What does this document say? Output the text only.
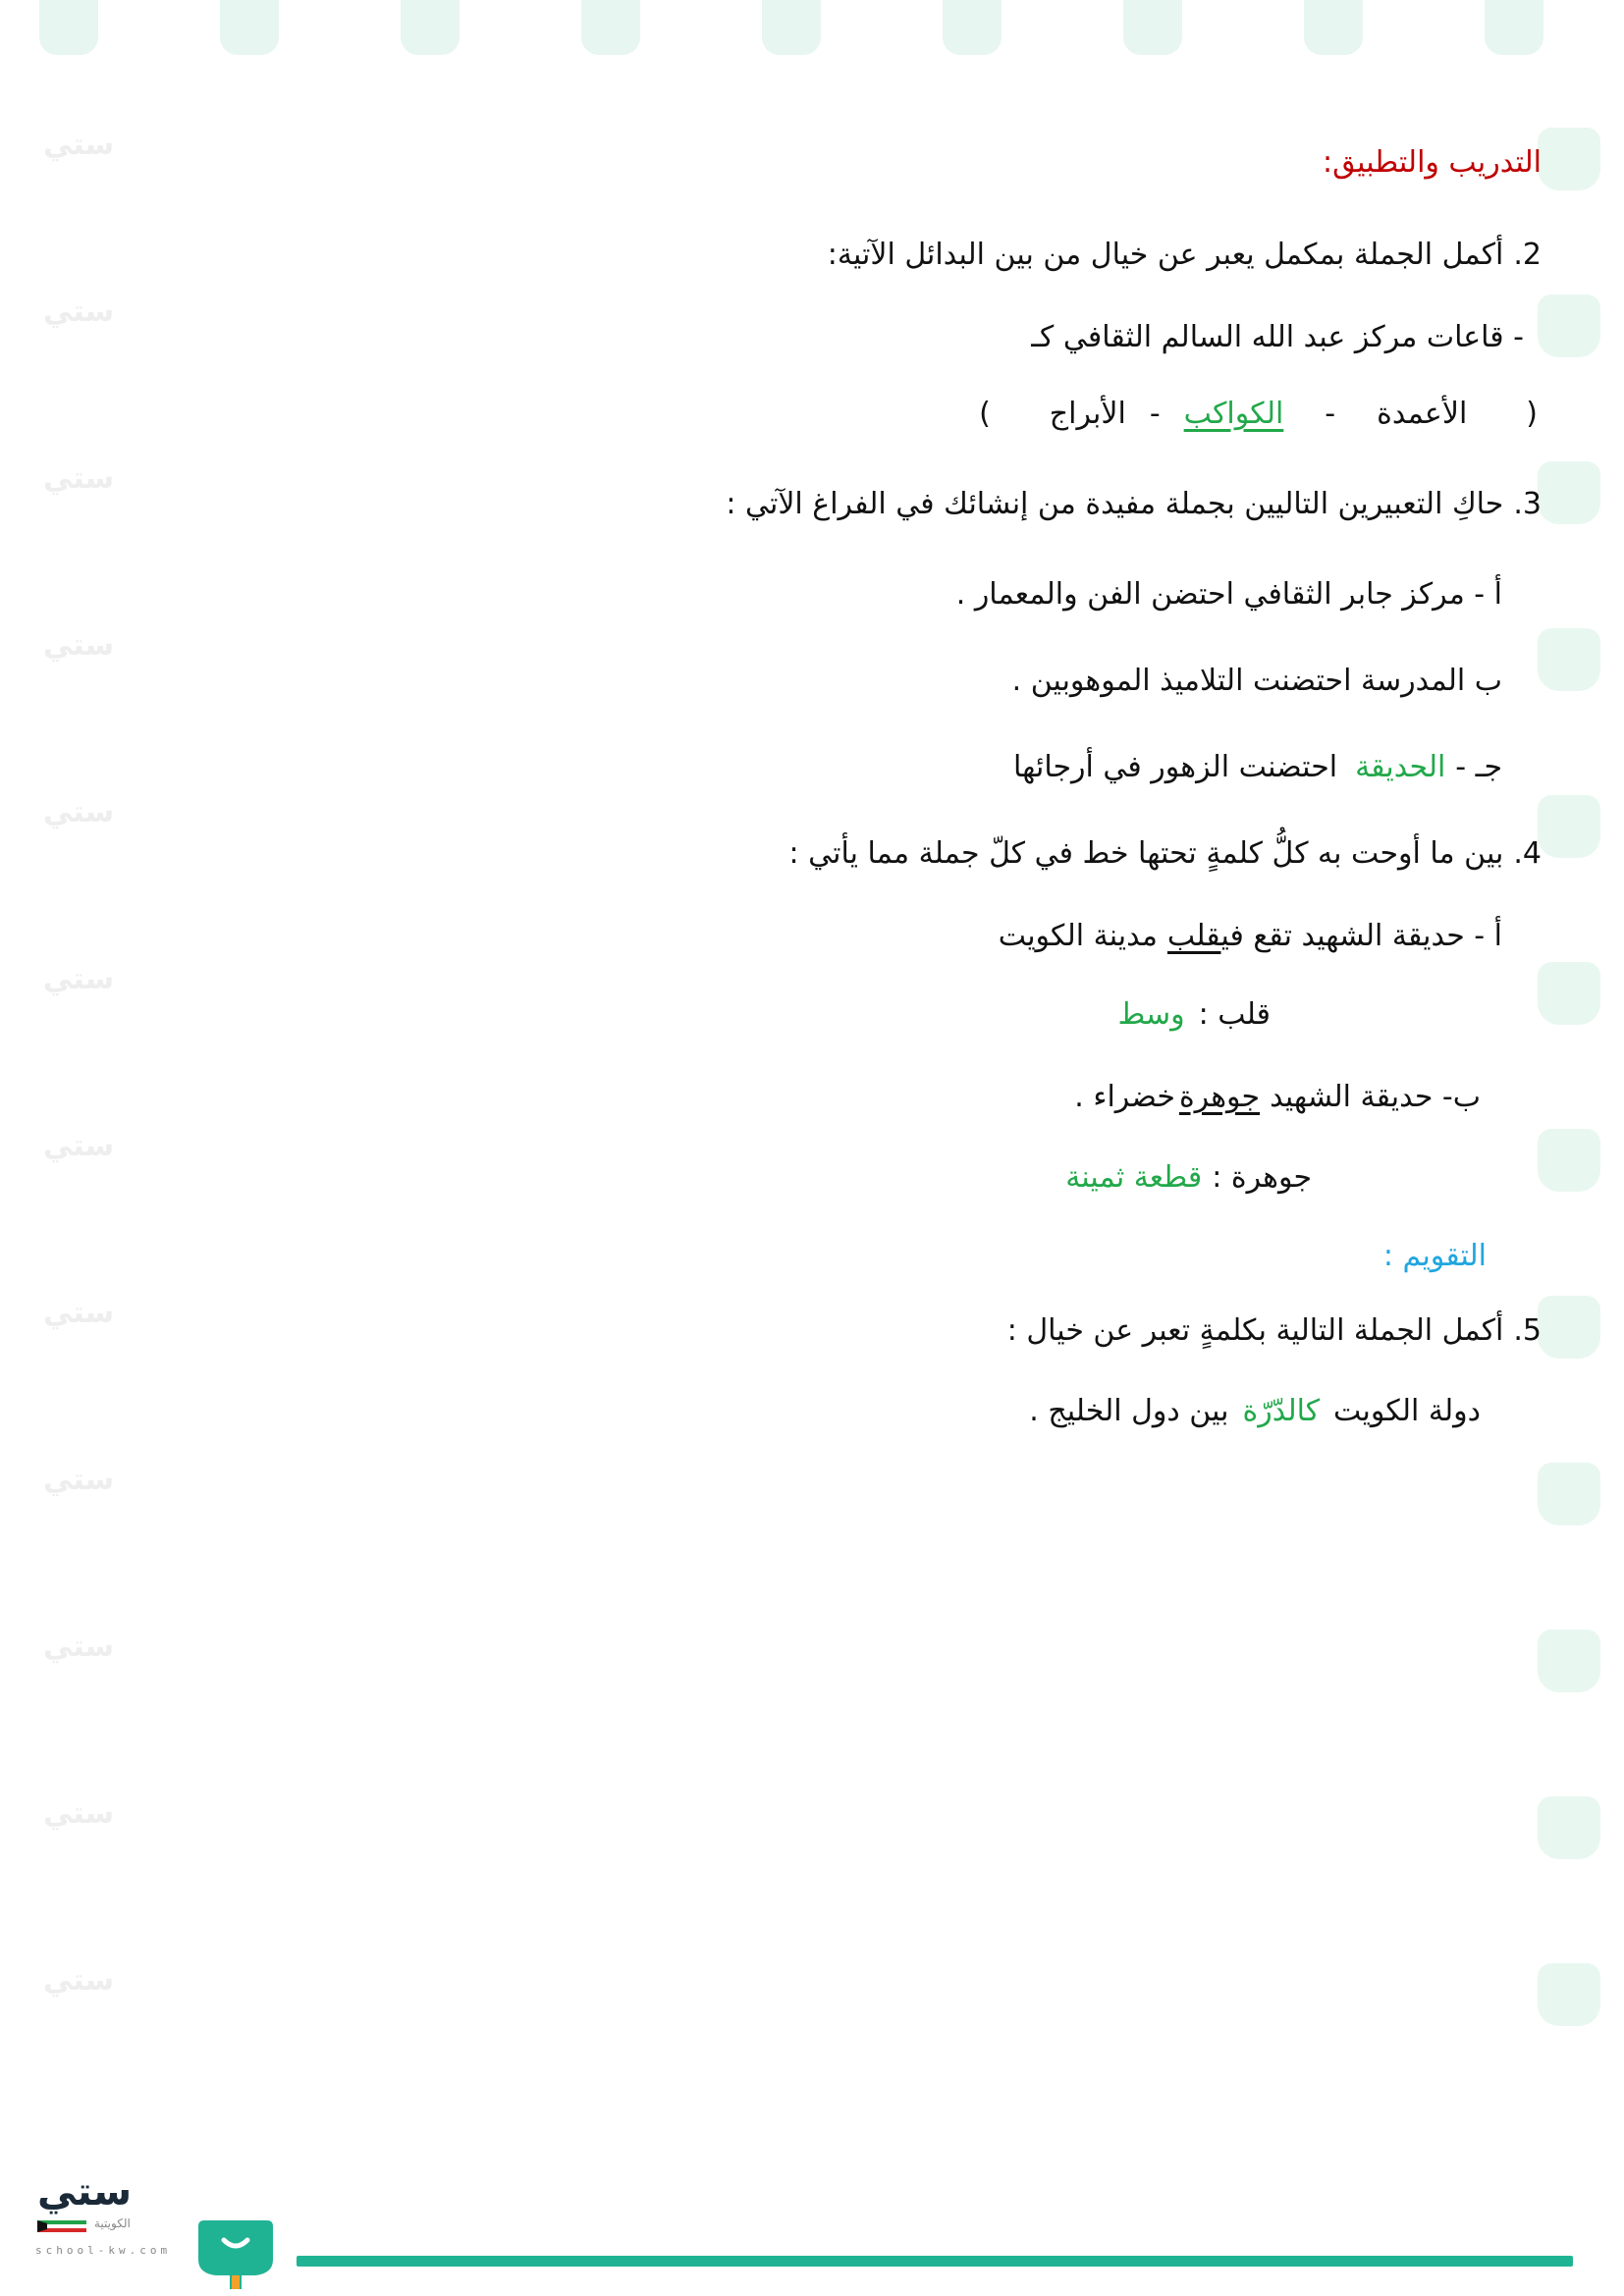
ستي
ستي
ستي
ستي
ستي
ستي
ستي
ستي
ستي
ستي
ستي
ستي
التدريب والتطبيق:
2.أكمل الجملة بمكمل يعبر عن خيال من بين البدائل الآتية:
- قاعات مركز عبد الله السالم الثقافي كـ
(الأعمدة-الكواكب-الأبراج)
3.حاكِ التعبيرين التاليين بجملة مفيدة من إنشائك في الفراغ الآتي :
أ - مركز جابر الثقافي احتضن الفن والمعمار .
ب المدرسة احتضنت التلاميذ الموهوبين .
جـ -الحديقةاحتضنت الزهور في أرجائها
4.بين ما أوحت به كلُّ كلمةٍ تحتها خط في كلّ جملة مما يأتي :
أ - حديقة الشهيد تقع فيقلبمدينة الكويت
قلب :وسط
ب- حديقة الشهيدجوهرةخضراء .
جوهرة :قطعة ثمينة
التقويم :
5.أكمل الجملة التالية بكلمةٍ تعبر عن خيال :
دولة الكويتكالدّرّةبين دول الخليج .
ستي
الكويتية
school-kw.com
